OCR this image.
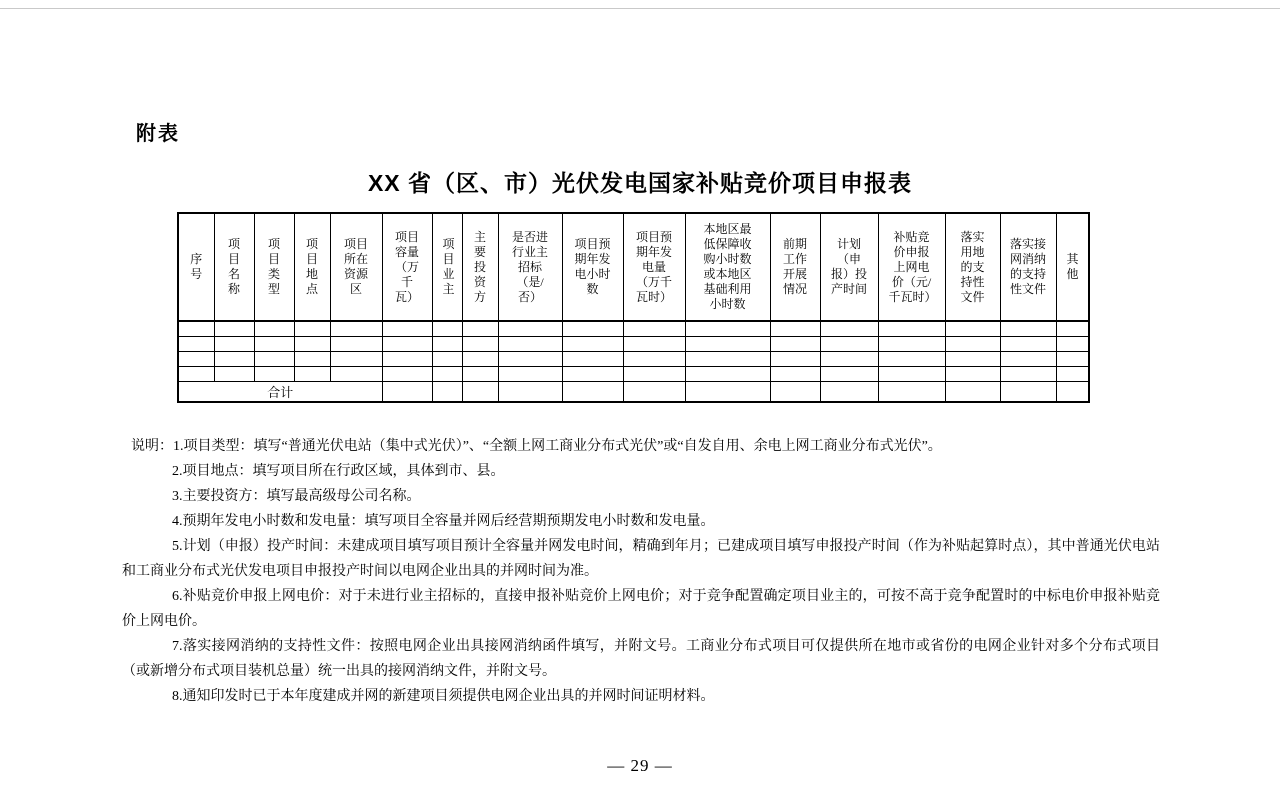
附表
XX 省（区、市）光伏发电国家补贴竞价项目申报表
序号	项目名称	项目类型	项目地点	项目所在资源区	项目容量（万千瓦）	项目业主	主要投资方	是否进行业主招标（是/否）	项目预期年发电小时数	项目预期年发电量（万千瓦时）	本地区最低保障收购小时数或本地区基础利用小时数	前期工作开展情况	计划（申报）投产时间	补贴竞价申报上网电价（元/千瓦时）	落实用地的支持性文件	落实接网消纳的支持性文件	其他

合计																	

说明：1.项目类型：填写“普通光伏电站（集中式光伏）”、“全额上网工商业分布式光伏”或“自发自用、余电上网工商业分布式光伏”。

2.项目地点：填写项目所在行政区域，具体到市、县。

3.主要投资方：填写最高级母公司名称。

4.预期年发电小时数和发电量：填写项目全容量并网后经营期预期发电小时数和发电量。

5.计划（申报）投产时间：未建成项目填写项目预计全容量并网发电时间，精确到年月；已建成项目填写申报投产时间（作为补贴起算时点），其中普通光伏电站和工商业分布式光伏发电项目申报投产时间以电网企业出具的并网时间为准。

6.补贴竞价申报上网电价：对于未进行业主招标的，直接申报补贴竞价上网电价；对于竞争配置确定项目业主的，可按不高于竞争配置时的中标电价申报补贴竞价上网电价。

7.落实接网消纳的支持性文件：按照电网企业出具接网消纳函件填写，并附文号。工商业分布式项目可仅提供所在地市或省份的电网企业针对多个分布式项目（或新增分布式项目装机总量）统一出具的接网消纳文件，并附文号。

8.通知印发时已于本年度建成并网的新建项目须提供电网企业出具的并网时间证明材料。

— 29 —
